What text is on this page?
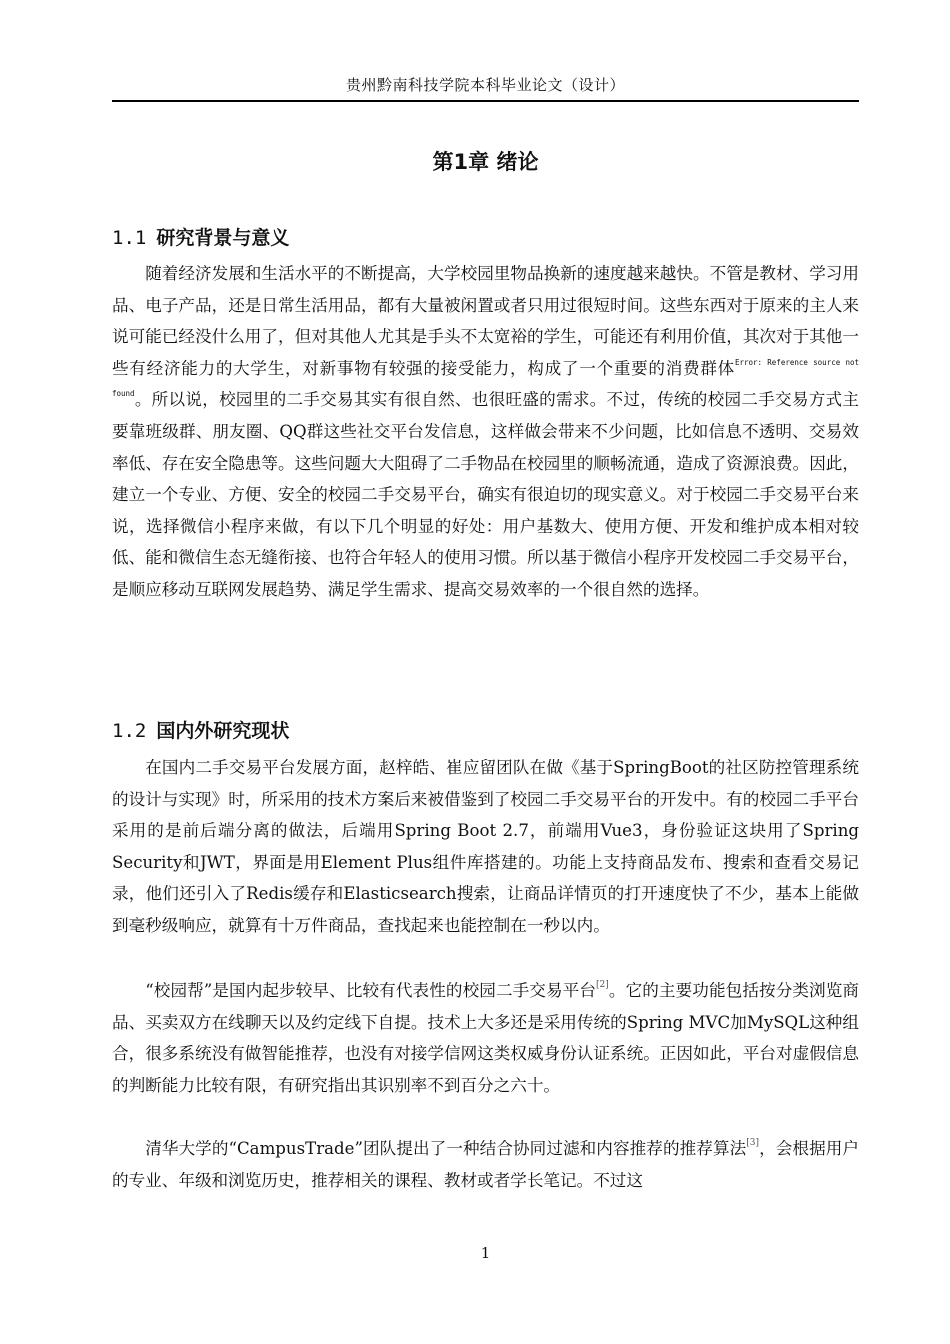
贵州黔南科技学院本科毕业论文（设计）
第1章 绪论
1.1 研究背景与意义

随着经济发展和生活水平的不断提高，大学校园里物品换新的速度越来越快。不管是教材、学习用品、电子产品，还是日常生活用品，都有大量被闲置或者只用过很短时间。这些东西对于原来的主人来说可能已经没什么用了，但对其他人尤其是手头不太宽裕的学生，可能还有利用价值，其次对于其他一些有经济能力的大学生，对新事物有较强的接受能力，构成了一个重要的消费群体$^{Error: Reference source not found}$。所以说，校园里的二手交易其实有很自然、也很旺盛的需求。不过，传统的校园二手交易方式主要靠班级群、朋友圈、QQ群这些社交平台发信息，这样做会带来不少问题，比如信息不透明、交易效率低、存在安全隐患等。这些问题大大阻碍了二手物品在校园里的顺畅流通，造成了资源浪费。因此，建立一个专业、方便、安全的校园二手交易平台，确实有很迫切的现实意义。对于校园二手交易平台来说，选择微信小程序来做，有以下几个明显的好处：用户基数大、使用方便、开发和维护成本相对较低、能和微信生态无缝衔接、也符合年轻人的使用习惯。所以基于微信小程序开发校园二手交易平台，是顺应移动互联网发展趋势、满足学生需求、提高交易效率的一个很自然的选择。

1.2 国内外研究现状

在国内二手交易平台发展方面，赵梓皓、崔应留团队在做《基于SpringBoot的社区防控管理系统的设计与实现》时，所采用的技术方案后来被借鉴到了校园二手交易平台的开发中。有的校园二手平台采用的是前后端分离的做法，后端用Spring Boot 2.7，前端用Vue3，身份验证这块用了Spring Security和JWT，界面是用Element Plus组件库搭建的。功能上支持商品发布、搜索和查看交易记录，他们还引入了Redis缓存和Elasticsearch搜索，让商品详情页的打开速度快了不少，基本上能做到毫秒级响应，就算有十万件商品，查找起来也能控制在一秒以内。

“校园帮”是国内起步较早、比较有代表性的校园二手交易平台[2]。它的主要功能包括按分类浏览商品、买卖双方在线聊天以及约定线下自提。技术上大多还是采用传统的Spring MVC加MySQL这种组合，很多系统没有做智能推荐，也没有对接学信网这类权威身份认证系统。正因如此，平台对虚假信息的判断能力比较有限，有研究指出其识别率不到百分之六十。

清华大学的“CampusTrade”团队提出了一种结合协同过滤和内容推荐的推荐算法[3]，会根据用户的专业、年级和浏览历史，推荐相关的课程、教材或者学长笔记。不过这

1
